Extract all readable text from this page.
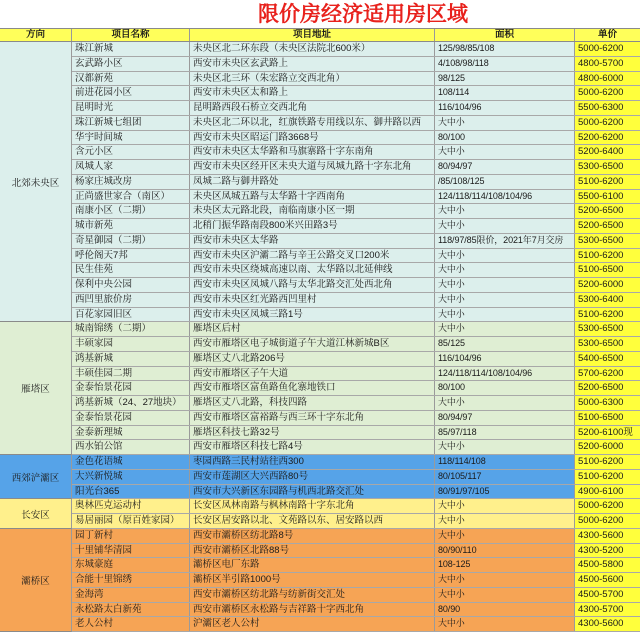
限价房经济适用房区域
方向	项目名称	项目地址	面积	单价
北郊未央区
珠江新城	未央区北二环东段（未央区法院北600米）	125/98/85/108	5000-6200
玄武路小区	西安市未央区玄武路上	4/108/98/118	4800-5700
汉都新苑	未央区北三环（朱宏路立交西北角）	98/125	4800-6000
前进花园小区	西安市未央区太和路上	108/114	5000-6200
昆明时光	昆明路西段石桥立交西北角	116/104/96	5500-6300
珠江新城七组团	未央区北二环以北，红旗铁路专用线以东、御井路以西	大中小	5000-6200
华宇时间城	西安市未央区昭运门路3668号	80/100	5200-6200
含元小区	西安市未央区太华路和马旗寨路十字东南角	大中小	5200-6400
凤城人家	西安市未央区经开区未央大道与凤城九路十字东北角	80/94/97	5300-6500
杨家庄城改房	凤城二路与御井路处	/85/108/125	5100-6200
正尚盛世家合（南区）	未央区凤城五路与太华路十字西南角	124/118/114/108/104/96	5500-6100
南康小区（二期）	未央区太元路北段，南临南康小区一期	大中小	5200-6500
城市新苑	北稍门振华路南段800米兴田路3号	大中小	5200-6500
奇星御园（二期）	西安市未央区太华路	118/97/85限价，2021年7月交房	5300-6500
呼伦阁天7邦	西安市未央区沪灞二路与辛王公路交叉口200米	大中小	5100-6200
民生佳苑	西安市未央区绕城高速以南、太华路以北延伸线	大中小	5100-6500
保利中央公园	西安市未央区凤城八路与太华北路交汇处西北角	大中小	5200-6000
西凹里旅价房	西安市未央区红光路西凹里村	大中小	5300-6400
百花家园旧区	西安市未央区凤城三路1号	大中小	5100-6200
雁塔区
城南锦绣（二期）	雁塔区后村	大中小	5300-6500
丰硕家园	西安市雁塔区电子城街道子午大道江林新城B区	85/125	5300-6500
鸿基新城	雁塔区丈八北路206号	116/104/96	5400-6500
丰硕佳园二期	西安市雁塔区子午大道	124/118/114/108/104/96	5700-6200
金泰怡景花园	西安市雁塔区富鱼路鱼化寨地铁口	80/100	5200-6500
鸿基新城（24、27地块）	雁塔区丈八北路，科技四路	大中小	5000-6300
金泰怡景花园	西安市雁塔区富裕路与西三环十字东北角	80/94/97	5100-6500
金泰新理城	雁塔区科技七路32号	85/97/118	5200-6100现
西水铂公馆	西安市雁塔区科技七路4号	大中小	5200-6000
西郊浐灞区
金色花语城	枣园西路三民村站往西300	118/114/108	5100-6200
大兴新悦城	西安市莲湖区大兴西路80号	80/105/117	5100-6200
阳光台365	西安市大兴新区东园路与机西北路交汇处	80/91/97/105	4900-6100
长安区
奥林匹克运动村	长安区凤林南路与枫林南路十字东北角	大中小	5000-6200
易居丽园（原百姓家园）	长安区居安路以北、文苑路以东、居安路以西	大中小	5000-6200
灞桥区
园丁新村	西安市灞桥区纺北路8号	大中小	4300-5600
十里铺华清园	西安市灞桥区北路88号	80/90/110	4300-5200
东城豪庭	灞桥区电厂东路	108-125	4500-5800
合能十里锦绣	灞桥区半引路1000号	大中小	4500-5600
金海湾	西安市灞桥区纺北路与纺新街交汇处	大中小	4500-5700
永松路太白新苑	西安市灞桥区永松路与吉祥路十字西北角	80/90	4300-5700
老人公村	沪灞区老人公村	大中小	4300-5600
